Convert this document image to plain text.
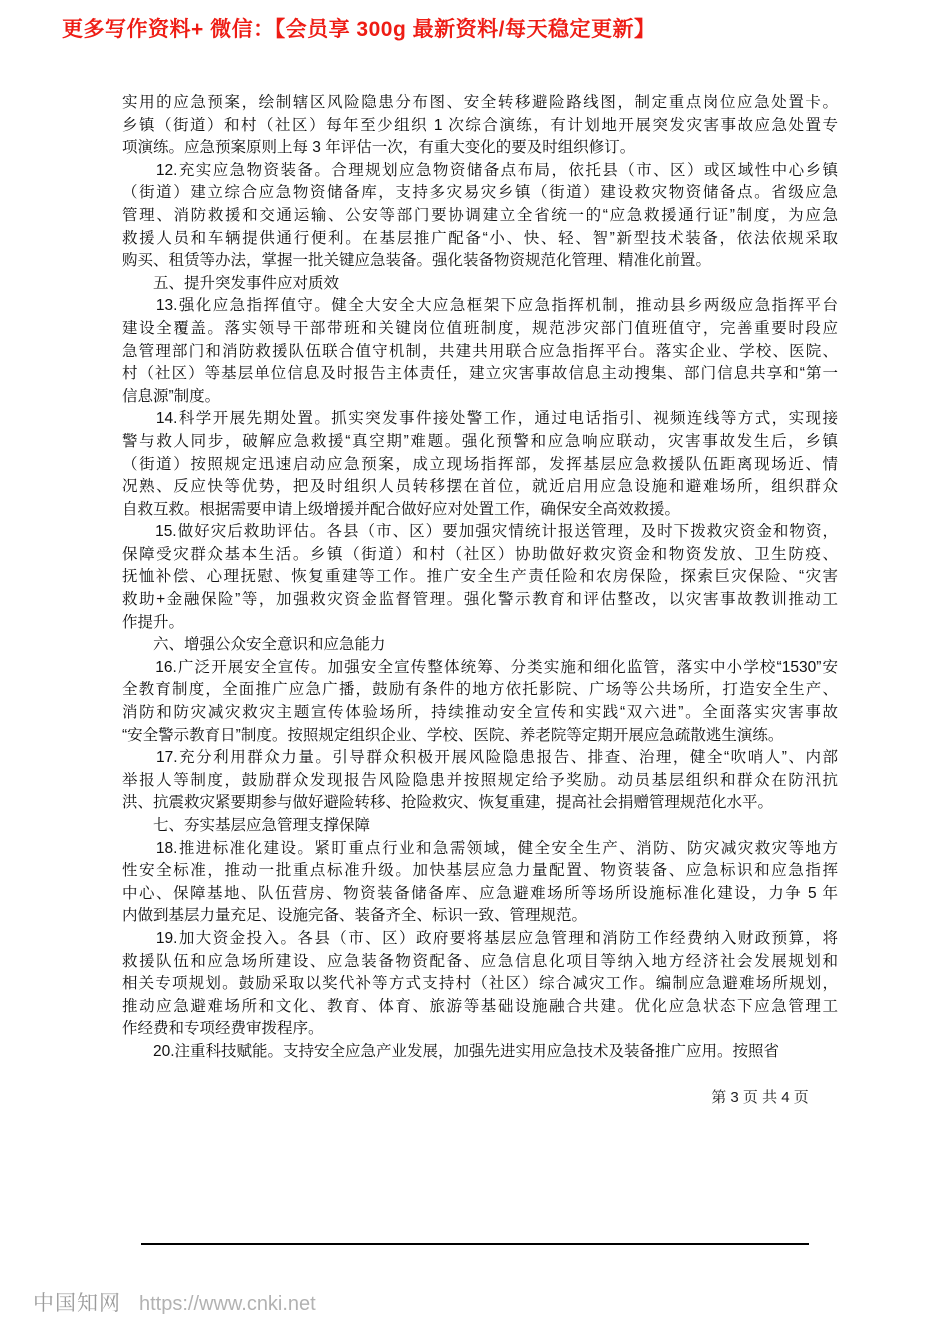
更多写作资料+ 微信：【会员享 300g 最新资料/每天稳定更新】
实用的应急预案，绘制辖区风险隐患分布图、安全转移避险路线图，制定重点岗位应急处置卡。
乡镇（街道）和村（社区）每年至少组织 1 次综合演练，有计划地开展突发灾害事故应急处置专
项演练。应急预案原则上每 3 年评估一次，有重大变化的要及时组织修订。
　　12.充实应急物资装备。合理规划应急物资储备点布局，依托县（市、区）或区域性中心乡镇
（街道）建立综合应急物资储备库，支持多灾易灾乡镇（街道）建设救灾物资储备点。省级应急
管理、消防救援和交通运输、公安等部门要协调建立全省统一的“应急救援通行证”制度，为应急
救援人员和车辆提供通行便利。在基层推广配备“小、快、轻、智”新型技术装备，依法依规采取
购买、租赁等办法，掌握一批关键应急装备。强化装备物资规范化管理、精准化前置。
　　五、提升突发事件应对质效
　　13.强化应急指挥值守。健全大安全大应急框架下应急指挥机制，推动县乡两级应急指挥平台
建设全覆盖。落实领导干部带班和关键岗位值班制度，规范涉灾部门值班值守，完善重要时段应
急管理部门和消防救援队伍联合值守机制，共建共用联合应急指挥平台。落实企业、学校、医院、
村（社区）等基层单位信息及时报告主体责任，建立灾害事故信息主动搜集、部门信息共享和“第一
信息源”制度。
　　14.科学开展先期处置。抓实突发事件接处警工作，通过电话指引、视频连线等方式，实现接
警与救人同步，破解应急救援“真空期”难题。强化预警和应急响应联动，灾害事故发生后，乡镇
（街道）按照规定迅速启动应急预案，成立现场指挥部，发挥基层应急救援队伍距离现场近、情
况熟、反应快等优势，把及时组织人员转移摆在首位，就近启用应急设施和避难场所，组织群众
自救互救。根据需要申请上级增援并配合做好应对处置工作，确保安全高效救援。
　　15.做好灾后救助评估。各县（市、区）要加强灾情统计报送管理，及时下拨救灾资金和物资，
保障受灾群众基本生活。乡镇（街道）和村（社区）协助做好救灾资金和物资发放、卫生防疫、
抚恤补偿、心理抚慰、恢复重建等工作。推广安全生产责任险和农房保险，探索巨灾保险、“灾害
救助+金融保险”等，加强救灾资金监督管理。强化警示教育和评估整改，以灾害事故教训推动工
作提升。
　　六、增强公众安全意识和应急能力
　　16.广泛开展安全宣传。加强安全宣传整体统筹、分类实施和细化监管，落实中小学校“1530”安
全教育制度，全面推广应急广播，鼓励有条件的地方依托影院、广场等公共场所，打造安全生产、
消防和防灾减灾救灾主题宣传体验场所，持续推动安全宣传和实践“双六进”。全面落实灾害事故
“安全警示教育日”制度。按照规定组织企业、学校、医院、养老院等定期开展应急疏散逃生演练。
　　17.充分利用群众力量。引导群众积极开展风险隐患报告、排查、治理，健全“吹哨人”、内部
举报人等制度，鼓励群众发现报告风险隐患并按照规定给予奖励。动员基层组织和群众在防汛抗
洪、抗震救灾紧要期参与做好避险转移、抢险救灾、恢复重建，提高社会捐赠管理规范化水平。
　　七、夯实基层应急管理支撑保障
　　18.推进标准化建设。紧盯重点行业和急需领域，健全安全生产、消防、防灾减灾救灾等地方
性安全标准，推动一批重点标准升级。加快基层应急力量配置、物资装备、应急标识和应急指挥
中心、保障基地、队伍营房、物资装备储备库、应急避难场所等场所设施标准化建设，力争 5 年
内做到基层力量充足、设施完备、装备齐全、标识一致、管理规范。
　　19.加大资金投入。各县（市、区）政府要将基层应急管理和消防工作经费纳入财政预算，将
救援队伍和应急场所建设、应急装备物资配备、应急信息化项目等纳入地方经济社会发展规划和
相关专项规划。鼓励采取以奖代补等方式支持村（社区）综合减灾工作。编制应急避难场所规划，
推动应急避难场所和文化、教育、体育、旅游等基础设施融合共建。优化应急状态下应急管理工
作经费和专项经费审拨程序。
　　20.注重科技赋能。支持安全应急产业发展，加强先进实用应急技术及装备推广应用。按照省
第 3 页 共 4 页
中国知网 https://www.cnki.net
